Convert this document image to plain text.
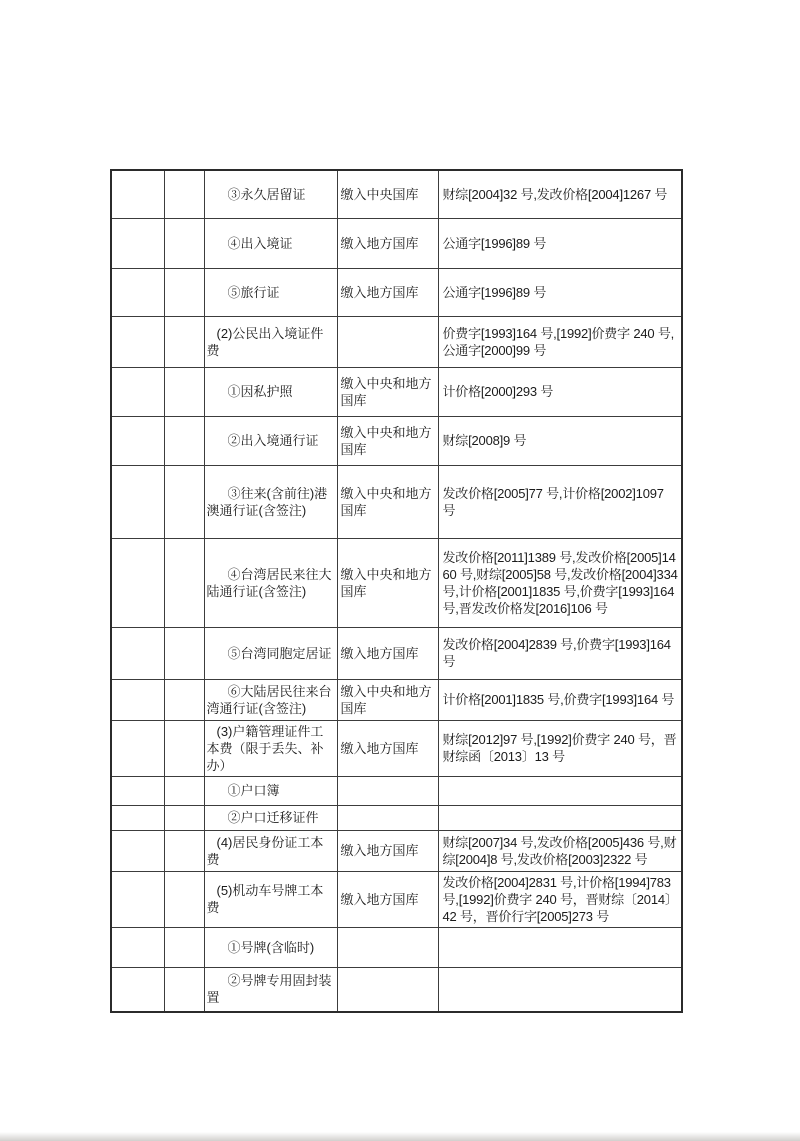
		③永久居留证	缴入中央国库	财综[2004]32 号,发改价格[2004]1267 号
		④出入境证	缴入地方国库	公通字[1996]89 号
		⑤旅行证	缴入地方国库	公通字[1996]89 号
		(2)公民出入境证件费		价费字[1993]164 号,[1992]价费字 240 号,公通字[2000]99 号
		①因私护照	缴入中央和地方国库	计价格[2000]293 号
		②出入境通行证	缴入中央和地方国库	财综[2008]9 号
		③往来(含前往)港澳通行证(含签注)	缴入中央和地方国库	发改价格[2005]77 号,计价格[2002]1097 号
		④台湾居民来往大陆通行证(含签注)	缴入中央和地方国库	发改价格[2011]1389 号,发改价格[2005]1460 号,财综[2005]58 号,发改价格[2004]334 号,计价格[2001]1835 号,价费字[1993]164 号,晋发改价格发[2016]106 号
		⑤台湾同胞定居证	缴入地方国库	发改价格[2004]2839 号,价费字[1993]164 号
		⑥大陆居民往来台湾通行证(含签注)	缴入中央和地方国库	计价格[2001]1835 号,价费字[1993]164 号
		(3)户籍管理证件工本费（限于丢失、补办）	缴入地方国库	财综[2012]97 号,[1992]价费字 240 号，晋财综函〔2013〕13 号
		①户口簿		
		②户口迁移证件		
		(4)居民身份证工本费	缴入地方国库	财综[2007]34 号,发改价格[2005]436 号,财综[2004]8 号,发改价格[2003]2322 号
		(5)机动车号牌工本费	缴入地方国库	发改价格[2004]2831 号,计价格[1994]783 号,[1992]价费字 240 号，晋财综〔2014〕42 号，晋价行字[2005]273 号
		①号牌(含临时)		
		②号牌专用固封装置		
